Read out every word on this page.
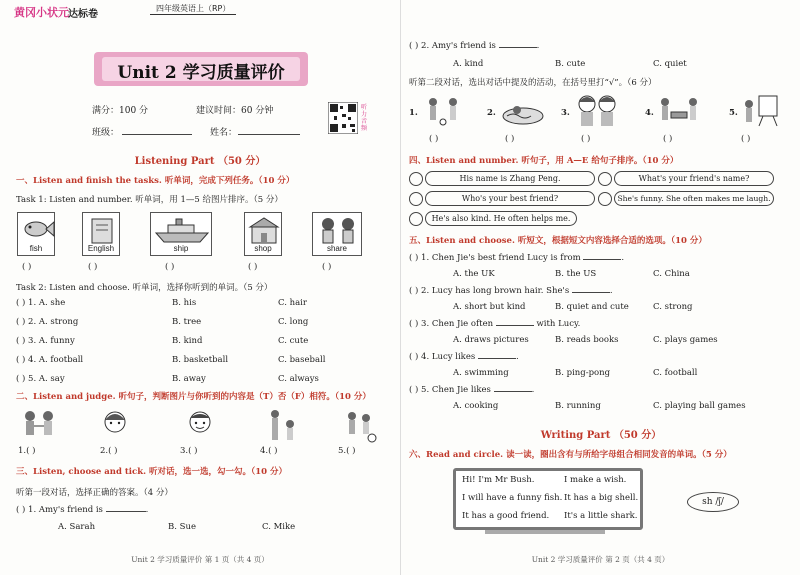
黄冈小状元 达标卷
四年级英语上（RP）
Unit 2 学习质量评价
满分：100 分	建议时间：60 分钟
班级：	姓名：
听力音频
Listening Part （50 分）
一、Listen and finish the tasks. 听单词，完成下列任务。（10 分）
Task 1: Listen and number. 听单词，用 1—5 给图片排序。（5 分）
fish	English	ship	shop	share
( )	( )	( )	( )	( )
Task 2: Listen and choose. 听单词，选择你听到的单词。（5 分）
( ) 1. A. she	B. his	C. hair
( ) 2. A. strong	B. tree	C. long
( ) 3. A. funny	B. kind	C. cute
( ) 4. A. football	B. basketball	C. baseball
( ) 5. A. say	B. away	C. always
二、Listen and judge. 听句子，判断图片与你听到的内容是（T）否（F）相符。（10 分）
1.( )	2.( )	3.( )	4.( )	5.( )
三、Listen, choose and tick. 听对话，选一选，勾一勾。（10 分）
听第一段对话，选择正确的答案。（4 分）
( ) 1. Amy's friend is	.
A. Sarah	B. Sue	C. Mike
Unit 2 学习质量评价 第 1 页（共 4 页）
( ) 2. Amy's friend is	.
A. kind	B. cute	C. quiet
听第二段对话，选出对话中提及的活动，在括号里打“√”。（6 分）
1.	2.	3.	4.	5.
( )	( )	( )	( )	( )
四、Listen and number. 听句子，用 A—E 给句子排序。（10 分）
His name is Zhang Peng.
Who's your best friend?
He's also kind. He often helps me.
What's your friend's name?
She's funny. She often makes me laugh.
五、Listen and choose. 听短文，根据短文内容选择合适的选项。（10 分）
( ) 1. Chen Jie's best friend Lucy is from	.
A. the UK	B. the US	C. China
( ) 2. Lucy has long brown hair. She's	.
A. short but kind	B. quiet and cute	C. strong
( ) 3. Chen Jie often	with Lucy.
A. draws pictures	B. reads books	C. plays games
( ) 4. Lucy likes	.
A. swimming	B. ping-pong	C. football
( ) 5. Chen Jie likes	.
A. cooking	B. running	C. playing ball games
Writing Part （50 分）
六、Read and circle. 读一读，圈出含有与所给字母组合相同发音的单词。（5 分）
Hi! I'm Mr Bush.
I will have a funny fish.
It has a good friend.
I make a wish.
It has a big shell.
It's a little shark.
sh /ʃ/
Unit 2 学习质量评价 第 2 页（共 4 页）
